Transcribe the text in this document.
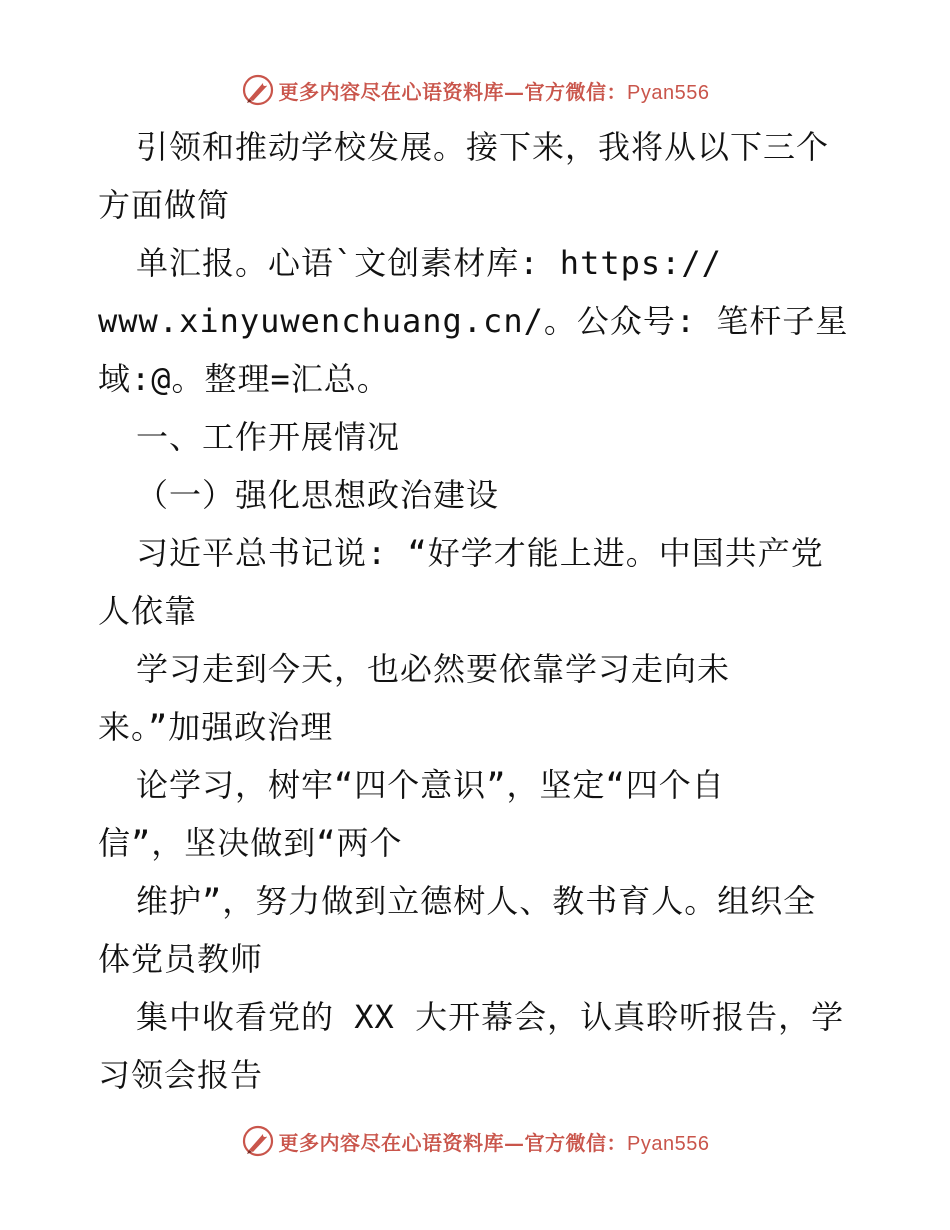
更多内容尽在心语资料库—官方微信：Pyan556
引领和推动学校发展。接下来，我将从以下三个
方面做简
单汇报。心语`文创素材库: https://
www.xinyuwenchuang.cn/。公众号: 笔杆子星
域:@。整理=汇总。
一、工作开展情况
（一）强化思想政治建设
习近平总书记说: “好学才能上进。中国共产党
人依靠
学习走到今天，也必然要依靠学习走向未
来。”加强政治理
论学习，树牢“四个意识”，坚定“四个自
信”，坚决做到“两个
维护”，努力做到立德树人、教书育人。组织全
体党员教师
集中收看党的 XX 大开幕会，认真聆听报告，学
习领会报告
更多内容尽在心语资料库—官方微信：Pyan556
